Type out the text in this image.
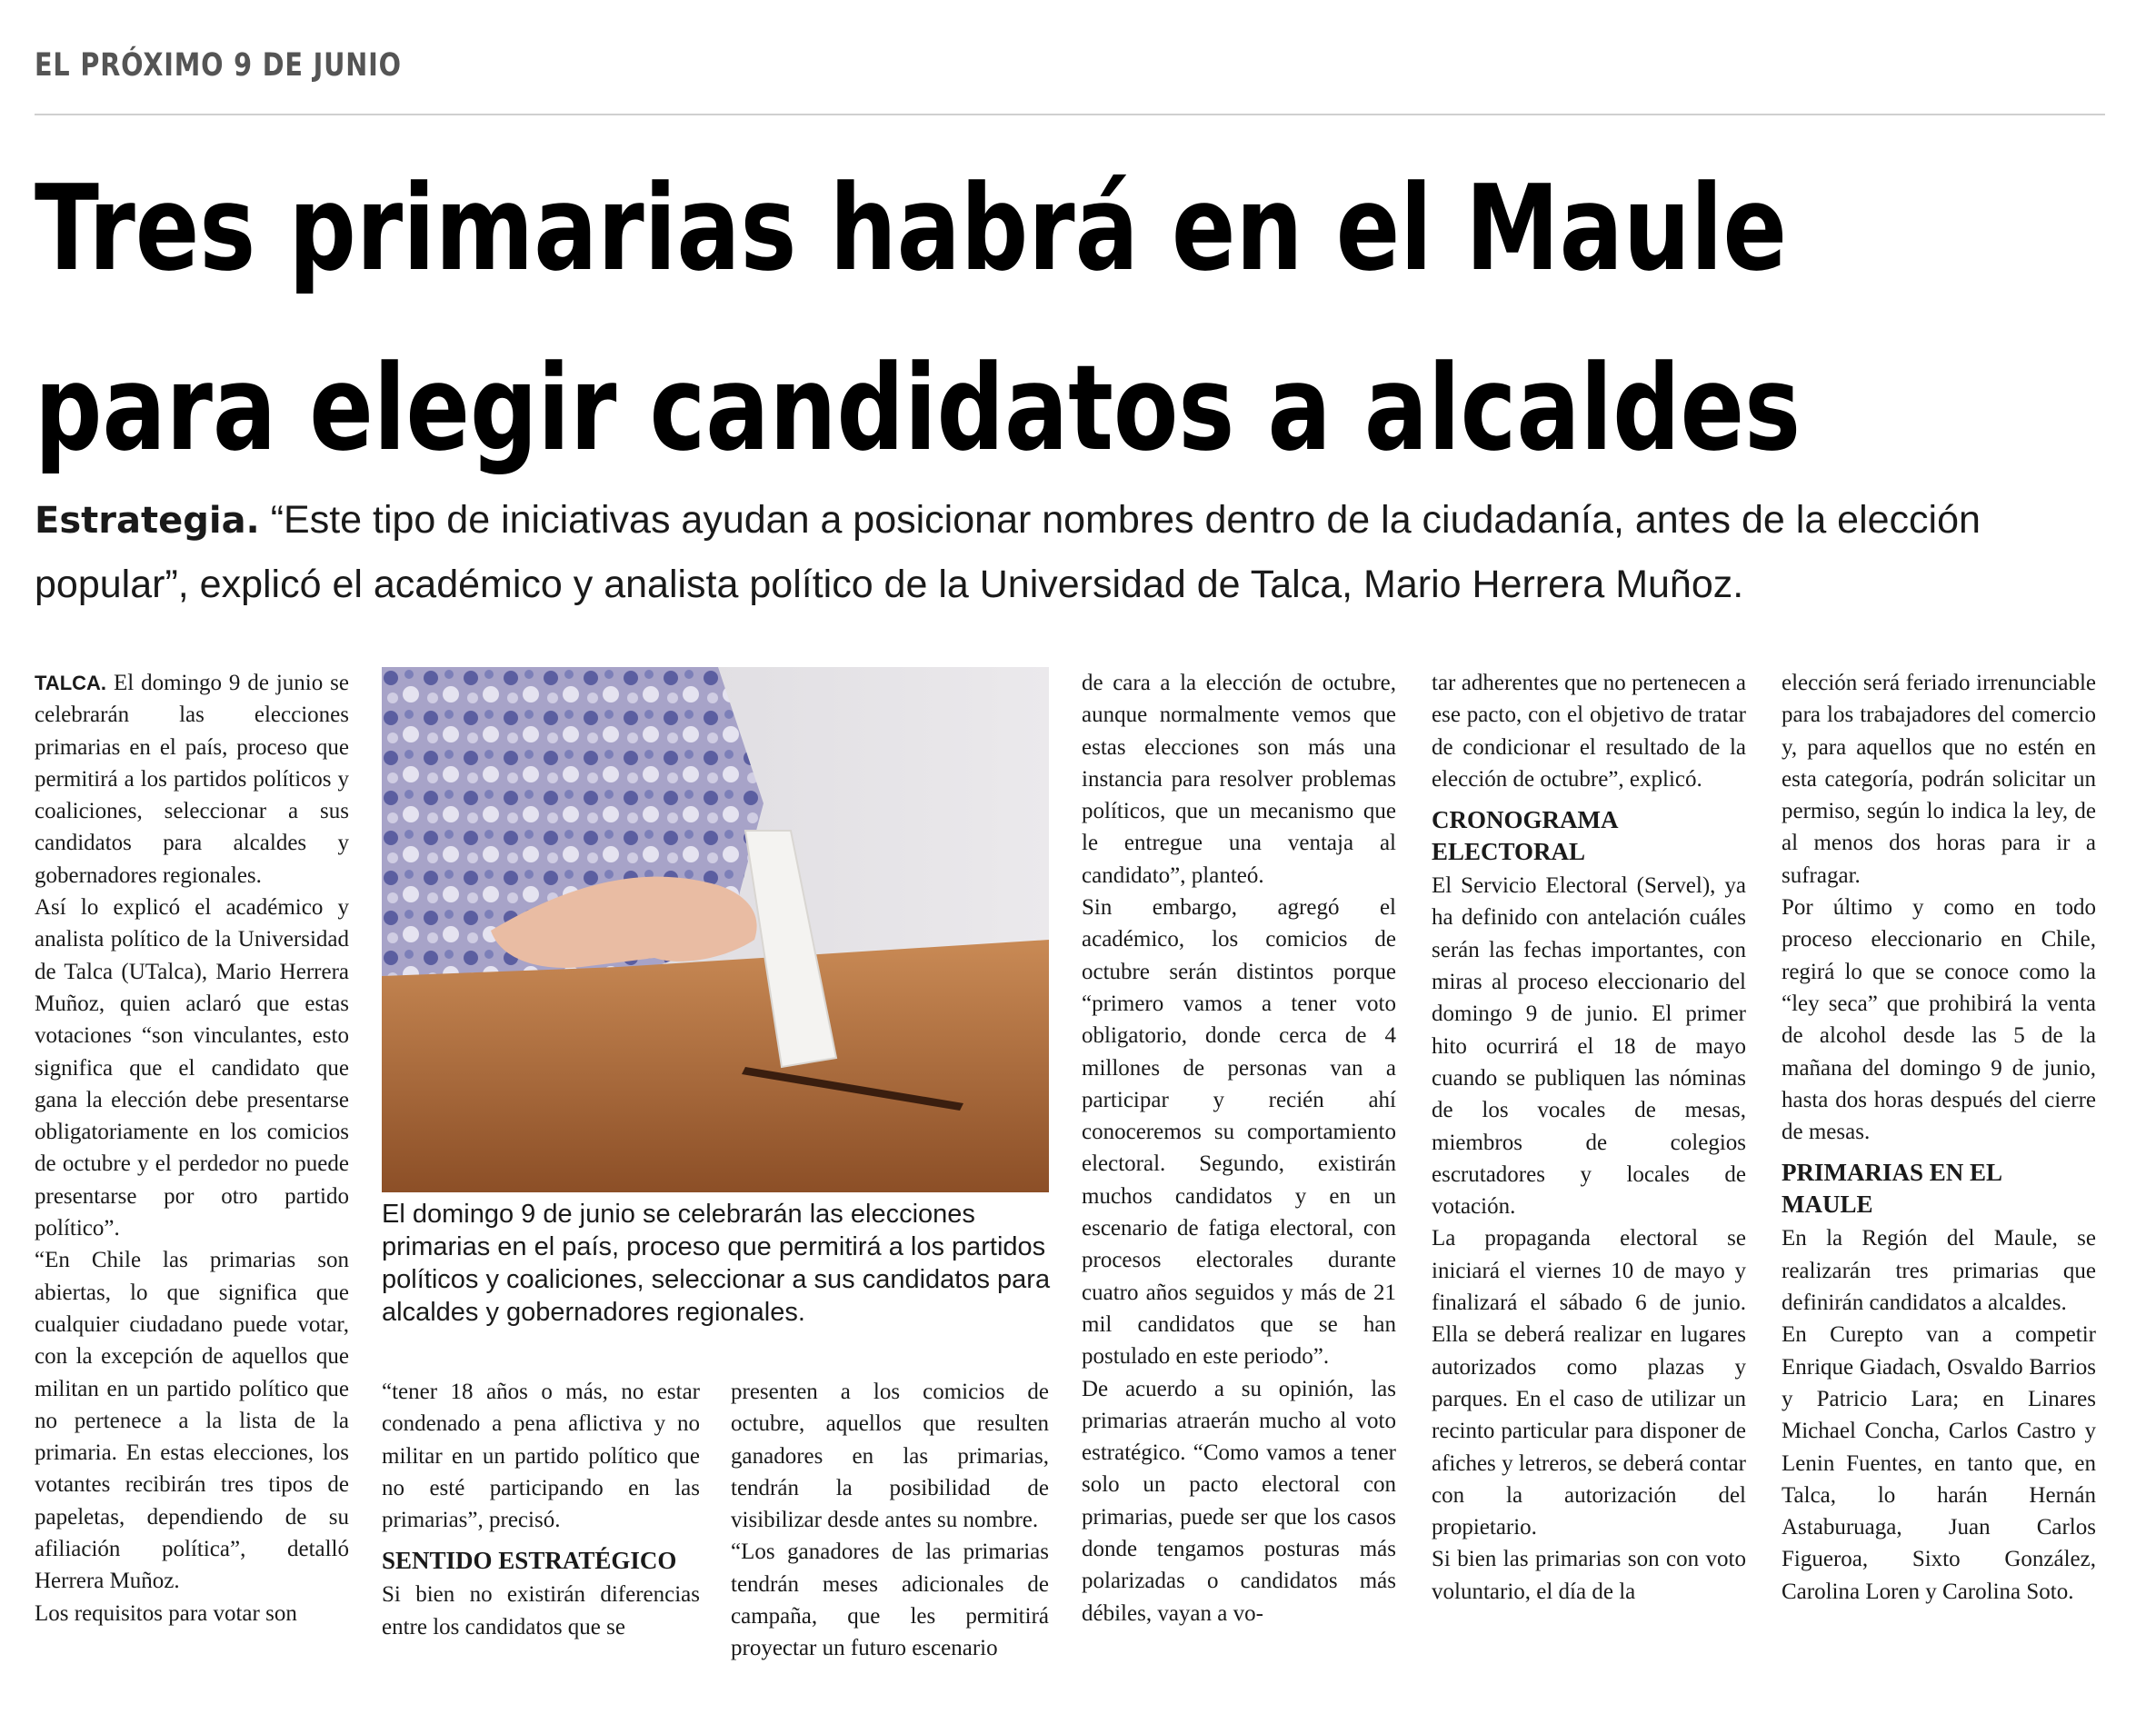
EL PRÓXIMO 9 DE JUNIO
Tres primarias habrá en el Maule
para elegir candidatos a alcaldes
Estrategia. “Este tipo de iniciativas ayudan a posicionar nombres dentro de la ciudadanía, antes de la elección popular”, explicó el académico y analista político de la Universidad de Talca, Mario Herrera Muñoz.

TALCA. El domingo 9 de junio se celebrarán las elecciones primarias en el país, proceso que permitirá a los partidos políticos y coaliciones, seleccionar a sus candidatos para alcaldes y gobernadores regionales.

Así lo explicó el académico y analista político de la Universidad de Talca (UTalca), Mario Herrera Muñoz, quien aclaró que estas votaciones “son vinculantes, esto significa que el candidato que gana la elección debe presentarse obligatoriamente en los comicios de octubre y el perdedor no puede presentarse por otro partido político”.

“En Chile las primarias son abiertas, lo que significa que cualquier ciudadano puede votar, con la excepción de aquellos que militan en un partido político que no pertenece a la lista de la primaria. En estas elecciones, los votantes recibirán tres tipos de papeletas, dependiendo de su afiliación política”, detalló Herrera Muñoz.

Los requisitos para votar son

El domingo 9 de junio se celebrarán las elecciones primarias en el país, proceso que permitirá a los partidos políticos y coaliciones, seleccionar a sus candidatos para alcaldes y gobernadores regionales.

“tener 18 años o más, no estar condenado a pena aflictiva y no militar en un partido político que no esté participando en las primarias”, precisó.

SENTIDO ESTRATÉGICO

Si bien no existirán diferencias entre los candidatos que se

presenten a los comicios de octubre, aquellos que resulten ganadores en las primarias, tendrán la posibilidad de visibilizar desde antes su nombre.

“Los ganadores de las primarias tendrán meses adicionales de campaña, que les permitirá proyectar un futuro escenario

de cara a la elección de octubre, aunque normalmente vemos que estas elecciones son más una instancia para resolver problemas políticos, que un mecanismo que le entregue una ventaja al candidato”, planteó.

Sin embargo, agregó el académico, los comicios de octubre serán distintos porque “primero vamos a tener voto obligatorio, donde cerca de 4 millones de personas van a participar y recién ahí conoceremos su comportamiento electoral. Segundo, existirán muchos candidatos y en un escenario de fatiga electoral, con procesos electorales durante cuatro años seguidos y más de 21 mil candidatos que se han postulado en este periodo”.

De acuerdo a su opinión, las primarias atraerán mucho al voto estratégico. “Como vamos a tener solo un pacto electoral con primarias, puede ser que los casos donde tengamos posturas más polarizadas o candidatos más débiles, vayan a vo-

tar adherentes que no pertenecen a ese pacto, con el objetivo de tratar de condicionar el resultado de la elección de octubre”, explicó.

CRONOGRAMA ELECTORAL

El Servicio Electoral (Servel), ya ha definido con antelación cuáles serán las fechas importantes, con miras al proceso eleccionario del domingo 9 de junio. El primer hito ocurrirá el 18 de mayo cuando se publiquen las nóminas de los vocales de mesas, miembros de colegios escrutadores y locales de votación.

La propaganda electoral se iniciará el viernes 10 de mayo y finalizará el sábado 6 de junio. Ella se deberá realizar en lugares autorizados como plazas y parques. En el caso de utilizar un recinto particular para disponer de afiches y letreros, se deberá contar con la autorización del propietario.

Si bien las primarias son con voto voluntario, el día de la

elección será feriado irrenunciable para los trabajadores del comercio y, para aquellos que no estén en esta categoría, podrán solicitar un permiso, según lo indica la ley, de al menos dos horas para ir a sufragar.

Por último y como en todo proceso eleccionario en Chile, regirá lo que se conoce como la “ley seca” que prohibirá la venta de alcohol desde las 5 de la mañana del domingo 9 de junio, hasta dos horas después del cierre de mesas.

PRIMARIAS EN EL MAULE

En la Región del Maule, se realizarán tres primarias que definirán candidatos a alcaldes.

En Curepto van a competir Enrique Giadach, Osvaldo Barrios y Patricio Lara; en Linares Michael Concha, Carlos Castro y Lenin Fuentes, en tanto que, en Talca, lo harán Hernán Astaburuaga, Juan Carlos Figueroa, Sixto González, Carolina Loren y Carolina Soto.
